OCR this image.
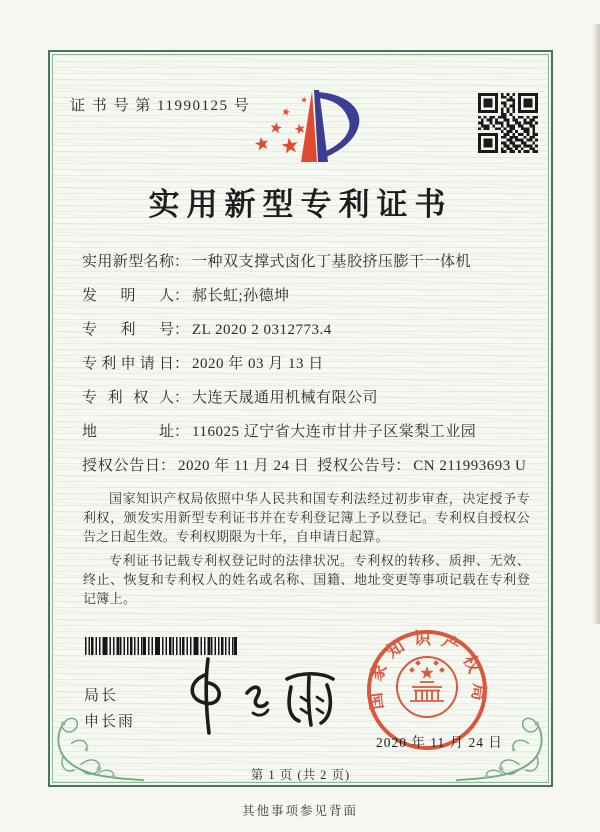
证 书 号 第 11990125 号
实用新型专利证书
实用新型名称： 一种双支撑式卤化丁基胶挤压膨干一体机
发　明　人： 郝长虹;孙德坤
专　利　号： ZL 2020 2 0312773.4
专利申请日： 2020 年 03 月 13 日
专 利 权 人： 大连天晟通用机械有限公司
地　　　址： 116025 辽宁省大连市甘井子区棠梨工业园
授权公告日： 2020 年 11 月 24 日 授权公告号： CN 211993693 U

国家知识产权局依照中华人民共和国专利法经过初步审查，决定授予专利权，颁发实用新型专利证书并在专利登记簿上予以登记。专利权自授权公告之日起生效。专利权期限为十年，自申请日起算。

专利证书记载专利权登记时的法律状况。专利权的转移、质押、无效、终止、恢复和专利权人的姓名或名称、国籍、地址变更等事项记载在专利登记簿上。

局长
申长雨
国家知识产权局
2020 年 11 月 24 日
第 1 页 (共 2 页)
其他事项参见背面
